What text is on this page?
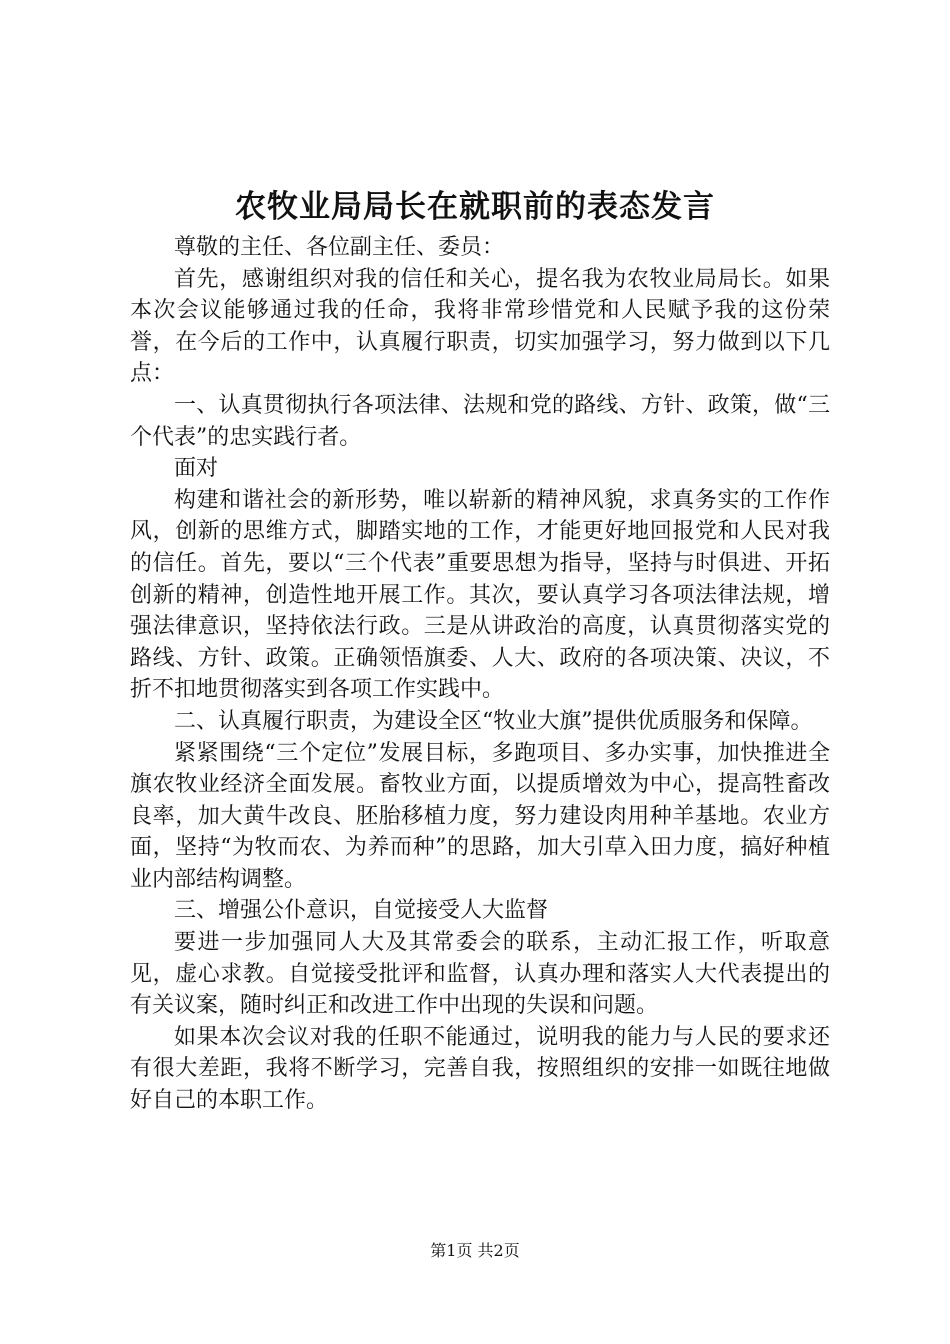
农牧业局局长在就职前的表态发言

尊敬的主任、各位副主任、委员：

首先，感谢组织对我的信任和关心，提名我为农牧业局局长。如果本次会议能够通过我的任命，我将非常珍惜党和人民赋予我的这份荣誉，在今后的工作中，认真履行职责，切实加强学习，努力做到以下几点：

一、认真贯彻执行各项法律、法规和党的路线、方针、政策，做“三个代表”的忠实践行者。

面对

构建和谐社会的新形势，唯以崭新的精神风貌，求真务实的工作作风，创新的思维方式，脚踏实地的工作，才能更好地回报党和人民对我的信任。首先，要以“三个代表”重要思想为指导，坚持与时俱进、开拓创新的精神，创造性地开展工作。其次，要认真学习各项法律法规，增强法律意识，坚持依法行政。三是从讲政治的高度，认真贯彻落实党的路线、方针、政策。正确领悟旗委、人大、政府的各项决策、决议，不折不扣地贯彻落实到各项工作实践中。

二、认真履行职责，为建设全区“牧业大旗”提供优质服务和保障。

紧紧围绕“三个定位”发展目标，多跑项目、多办实事，加快推进全旗农牧业经济全面发展。畜牧业方面，以提质增效为中心，提高牲畜改良率，加大黄牛改良、胚胎移植力度，努力建设肉用种羊基地。农业方面，坚持“为牧而农、为养而种”的思路，加大引草入田力度，搞好种植业内部结构调整。

三、增强公仆意识，自觉接受人大监督

要进一步加强同人大及其常委会的联系，主动汇报工作，听取意见，虚心求教。自觉接受批评和监督，认真办理和落实人大代表提出的有关议案，随时纠正和改进工作中出现的失误和问题。

如果本次会议对我的任职不能通过，说明我的能力与人民的要求还有很大差距，我将不断学习，完善自我，按照组织的安排一如既往地做好自己的本职工作。

第1页 共2页
